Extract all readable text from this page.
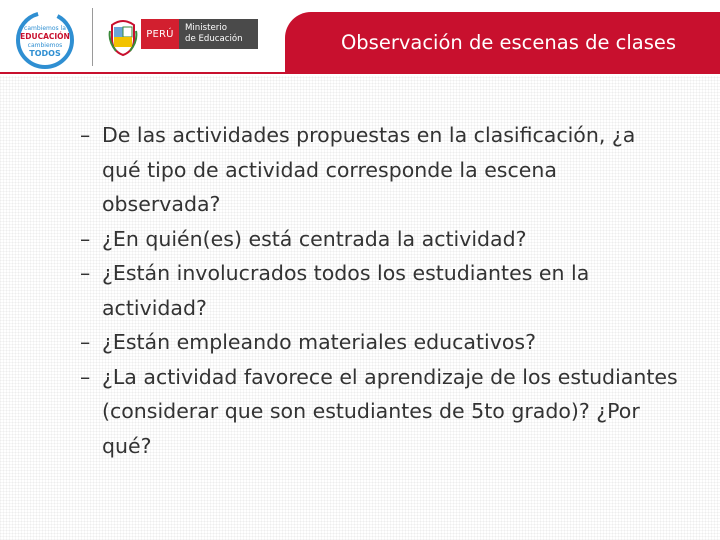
cambiemos la
EDUCACIÓN
cambiemos
TODOS
PERÚ
Ministerio
de Educación	Observación de escenas de clases
– De las actividades propuestas en la clasificación, ¿a qué tipo de actividad corresponde la escena observada?
– ¿En quién(es) está centrada la actividad?
– ¿Están involucrados todos los estudiantes en la actividad?
– ¿Están empleando materiales educativos?
– ¿La actividad favorece el aprendizaje de los estudiantes (considerar que son estudiantes de 5to grado)? ¿Por qué?
